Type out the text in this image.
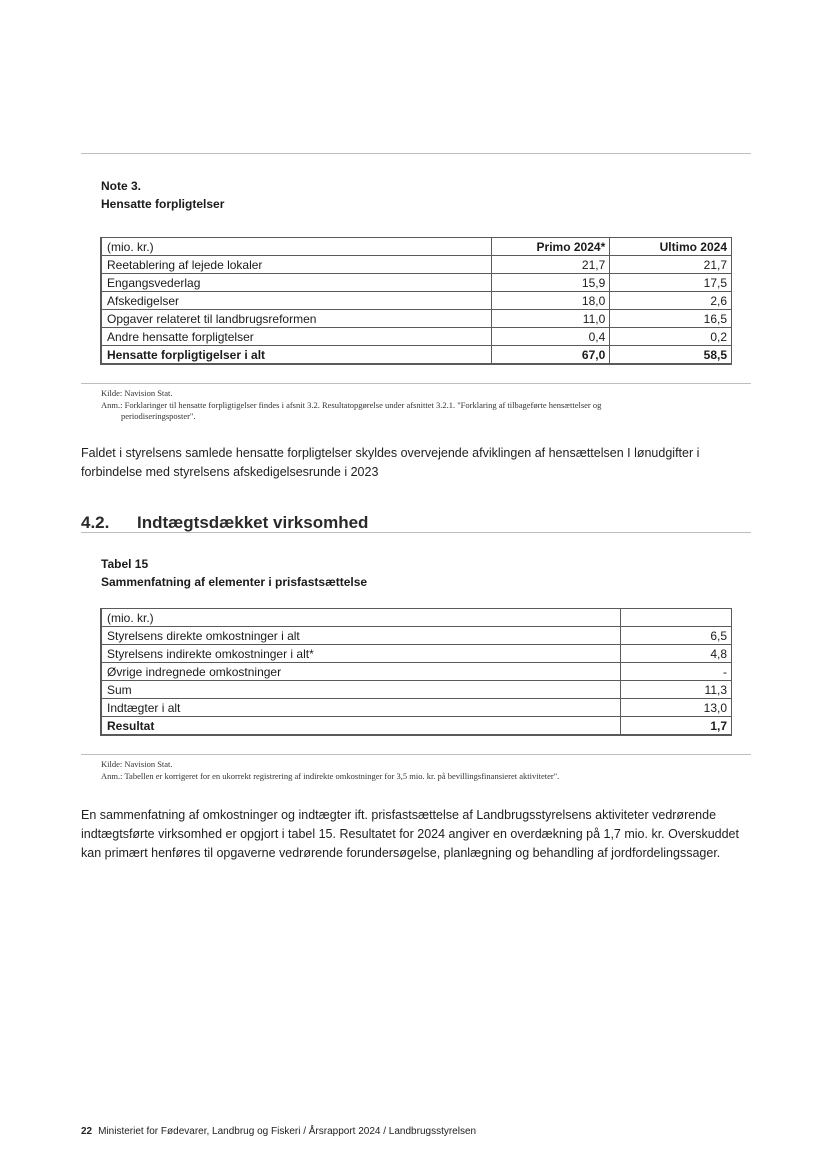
Note 3.

Hensatte forpligtelser

(mio. kr.)	Primo 2024*	Ultimo 2024
Reetablering af lejede lokaler	21,7	21,7
Engangsvederlag	15,9	17,5
Afskedigelser	18,0	2,6
Opgaver relateret til landbrugsreformen	11,0	16,5
Andre hensatte forpligtelser	0,4	0,2
Hensatte forpligtigelser i alt	67,0	58,5
Kilde: Navision Stat.
Anm.: Forklaringer til hensatte forpligtigelser findes i afsnit 3.2. Resultatopgørelse under afsnittet 3.2.1. "Forklaring af tilbageførte hensættelser og
periodiseringsposter".

Faldet i styrelsens samlede hensatte forpligtelser skyldes overvejende afviklingen af hensættelsen I lønudgifter i forbindelse med styrelsens afskedigelsesrunde i 2023

4.2. Indtægtsdækket virksomhed

Tabel 15

Sammenfatning af elementer i prisfastsættelse

(mio. kr.)	
Styrelsens direkte omkostninger i alt	6,5
Styrelsens indirekte omkostninger i alt*	4,8
Øvrige indregnede omkostninger	-
Sum	11,3
Indtægter i alt	13,0
Resultat	1,7
Kilde: Navision Stat.
Anm.: Tabellen er korrigeret for en ukorrekt registrering af indirekte omkostninger for 3,5 mio. kr. på bevillingsfinansieret aktiviteter".

En sammenfatning af omkostninger og indtægter ift. prisfastsættelse af Landbrugsstyrelsens aktiviteter vedrørende indtægtsførte virksomhed er opgjort i tabel 15. Resultatet for 2024 angiver en overdækning på 1,7 mio. kr. Overskuddet kan primært henføres til opgaverne vedrørende forundersøgelse, planlægning og behandling af jordfordelingssager.

22 Ministeriet for Fødevarer, Landbrug og Fiskeri / Årsrapport 2024 / Landbrugsstyrelsen
